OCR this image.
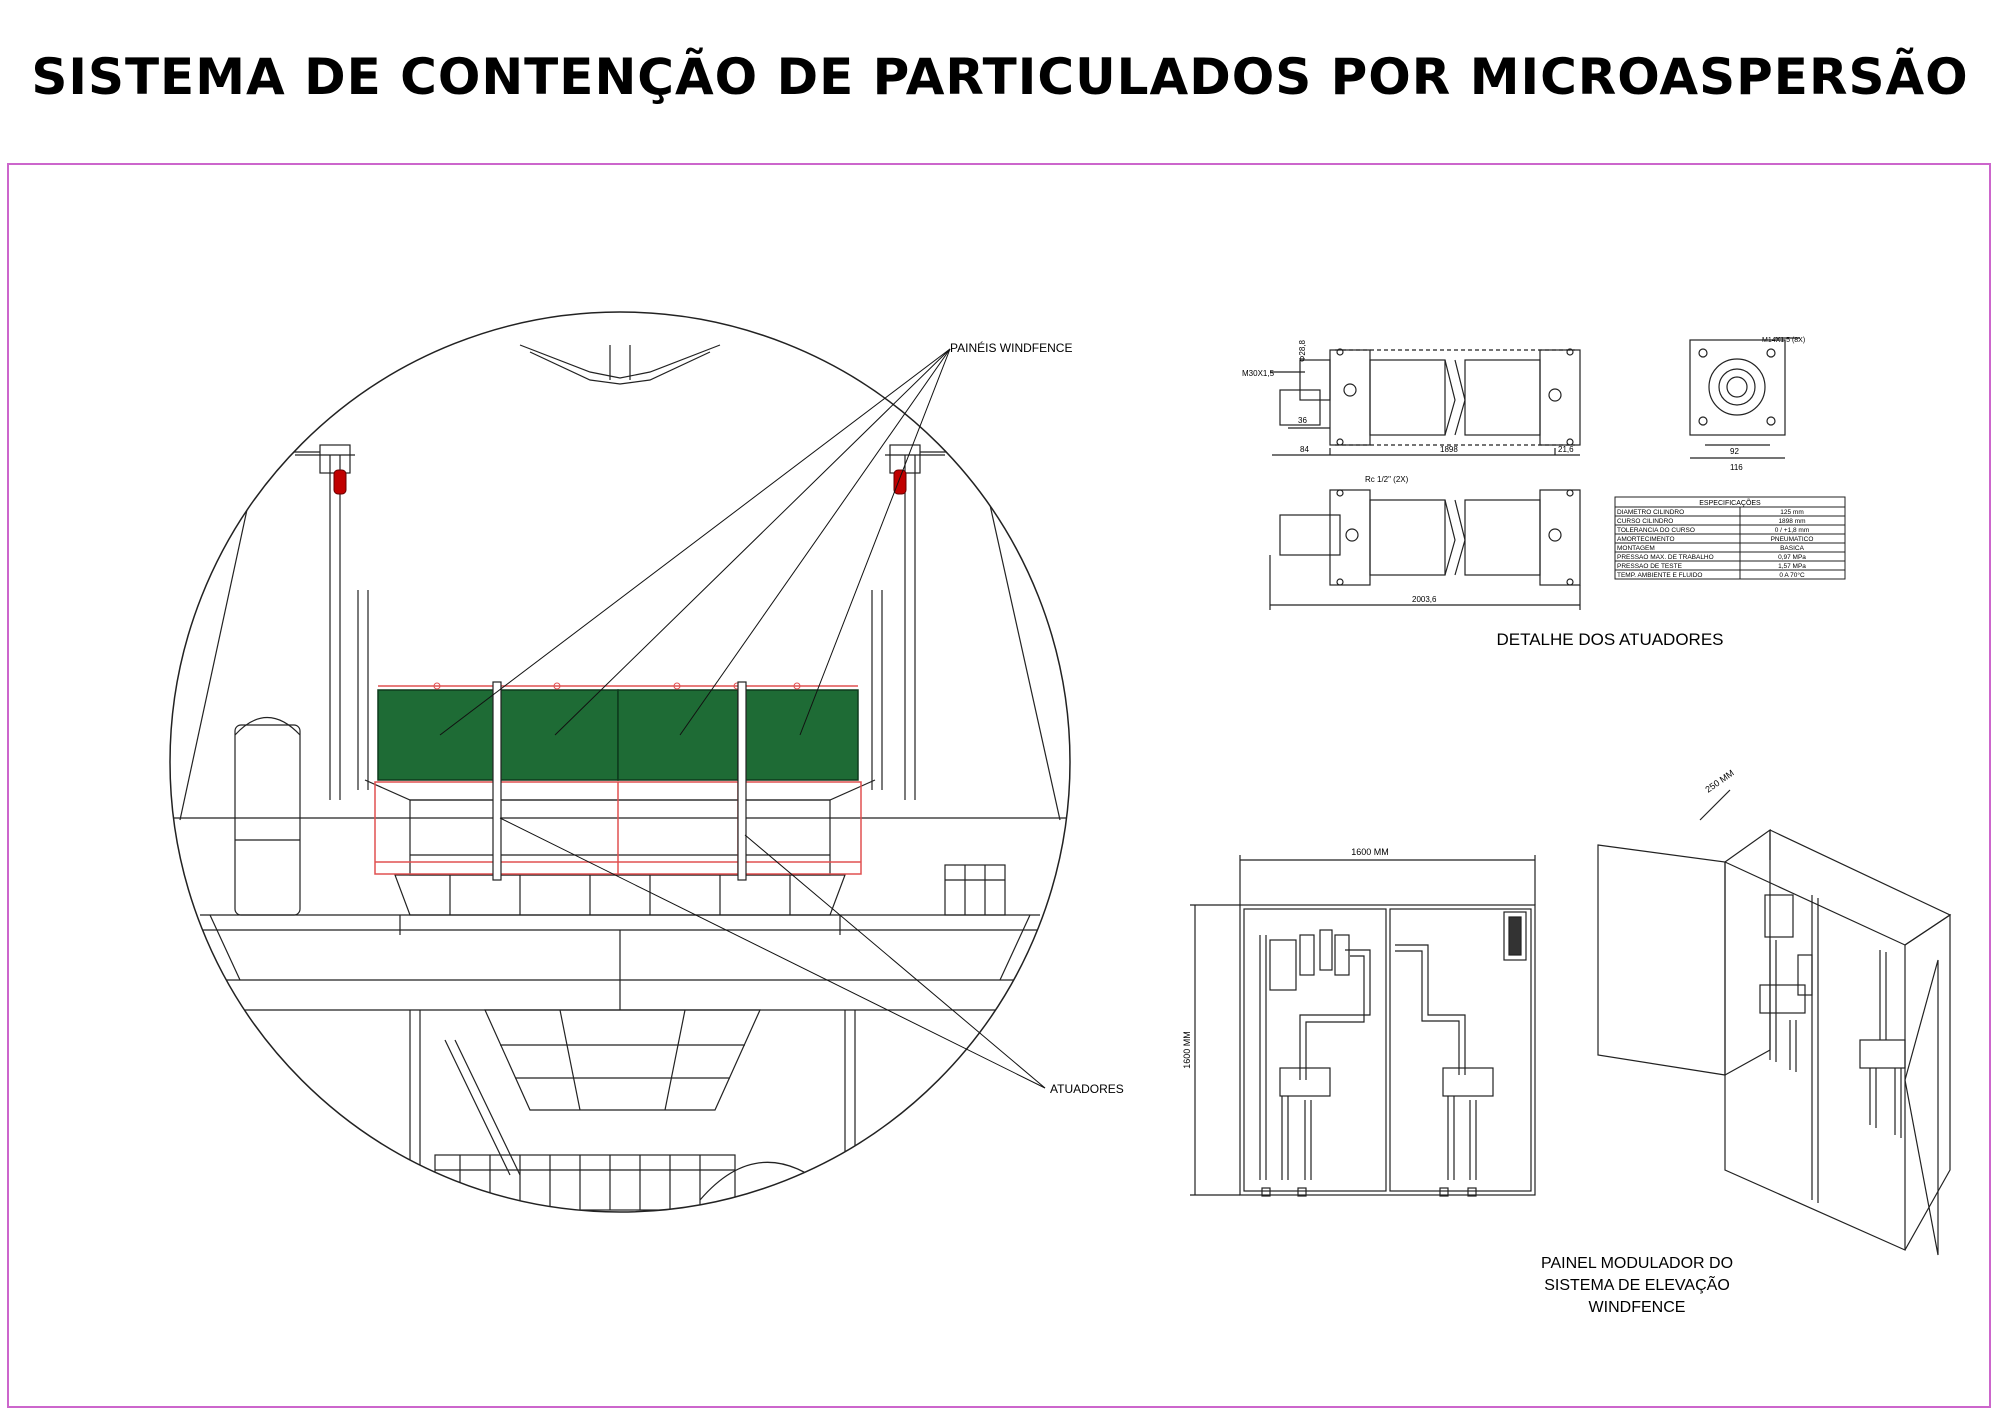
SISTEMA DE CONTENÇÃO DE PARTICULADOS POR MICROASPERSÃO
PAINÉIS WINDFENCE
ATUADORES
M30X1,5
Φ28,8
36
84	1898	21,6
Rc 1/2" (2X)
2003,6
M14X1,5 (8X)
92
116
ESPECIFICAÇÕES
DIAMETRO CILINDRO	125 mm
CURSO CILINDRO	1898 mm
TOLERANCIA DO CURSO	0 / +1,8 mm
AMORTECIMENTO	PNEUMATICO
MONTAGEM	BASICA
PRESSAO MAX. DE TRABALHO	0,97 MPa
PRESSAO DE TESTE	1,57 MPa
TEMP. AMBIENTE E FLUIDO	0 A 70°C
DETALHE DOS ATUADORES
1600 MM
1600 MM
250 MM
PAINEL MODULADOR DO
SISTEMA DE ELEVAÇÃO
WINDFENCE
